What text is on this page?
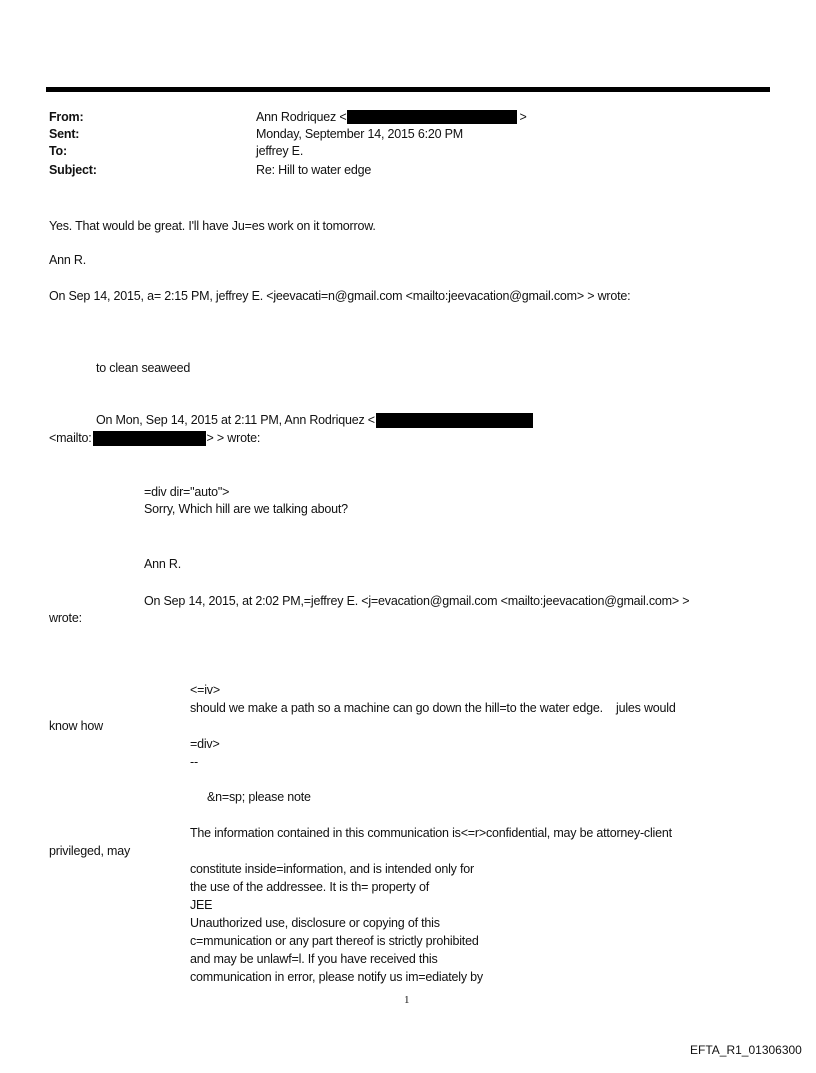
From:	Ann Rodriquez <	>
Sent:	Monday, September 14, 2015 6:20 PM
To:	jeffrey E.
Subject:	Re: Hill to water edge
Yes. That would be great. I'll have Ju=es work on it tomorrow.
Ann R.
On Sep 14, 2015, a= 2:15 PM, jeffrey E. <jeevacati=n@gmail.com <mailto:jeevacation@gmail.com> > wrote:
to clean seaweed
On Mon, Sep 14, 2015 at 2:11 PM, Ann Rodriquez <
<mailto:	> > wrote:
=div dir="auto">
Sorry, Which hill are we talking about?
Ann R.
On Sep 14, 2015, at 2:02 PM,=jeffrey E. <j=evacation@gmail.com <mailto:jeevacation@gmail.com> >
wrote:
<=iv>
should we make a path so a machine can go down the hill=to the water edge.    jules would
know how
=div>
--
&n=sp; please note
The information contained in this communication is<=r>confidential, may be attorney-client
privileged, may
constitute inside=information, and is intended only for
the use of the addressee. It is th= property of
JEE
Unauthorized use, disclosure or copying of this
c=mmunication or any part thereof is strictly prohibited
and may be unlawf=l. If you have received this
communication in error, please notify us im=ediately by
1
EFTA_R1_01306300
